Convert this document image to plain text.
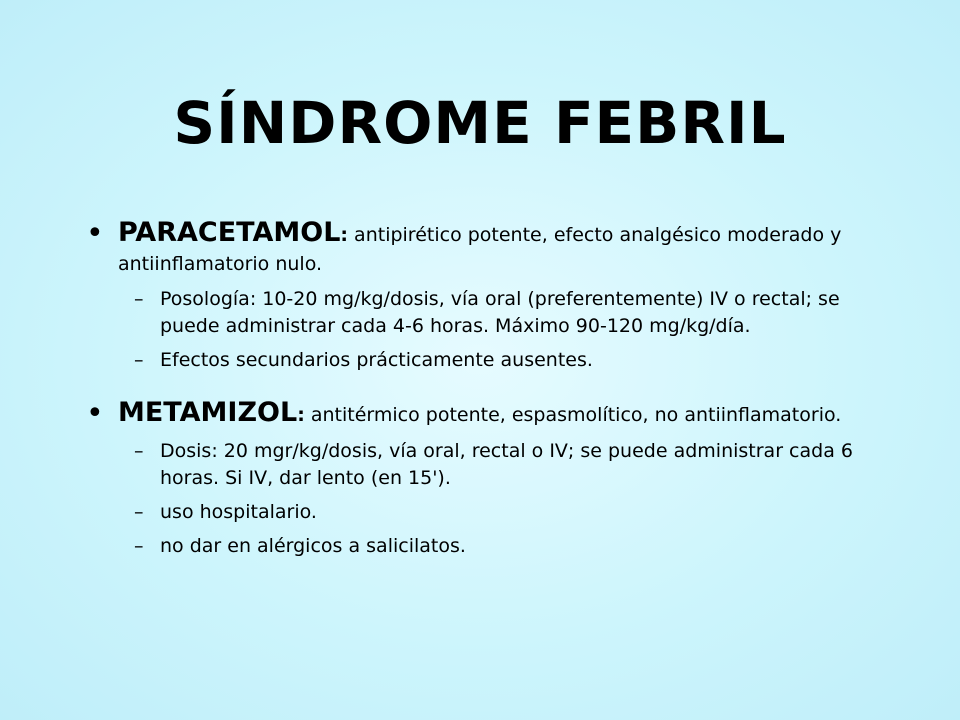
SÍNDROME FEBRIL
• PARACETAMOL: antipirético potente, efecto analgésico moderado y antiinflamatorio nulo.
– Posología: 10-20 mg/kg/dosis, vía oral (preferentemente) IV o rectal; se puede administrar cada 4-6 horas. Máximo 90-120 mg/kg/día.
– Efectos secundarios prácticamente ausentes.
• METAMIZOL: antitérmico potente, espasmolítico, no antiinflamatorio.
– Dosis: 20 mgr/kg/dosis, vía oral, rectal o IV; se puede administrar cada 6 horas. Si IV, dar lento (en 15').
– uso hospitalario.
– no dar en alérgicos a salicilatos.
